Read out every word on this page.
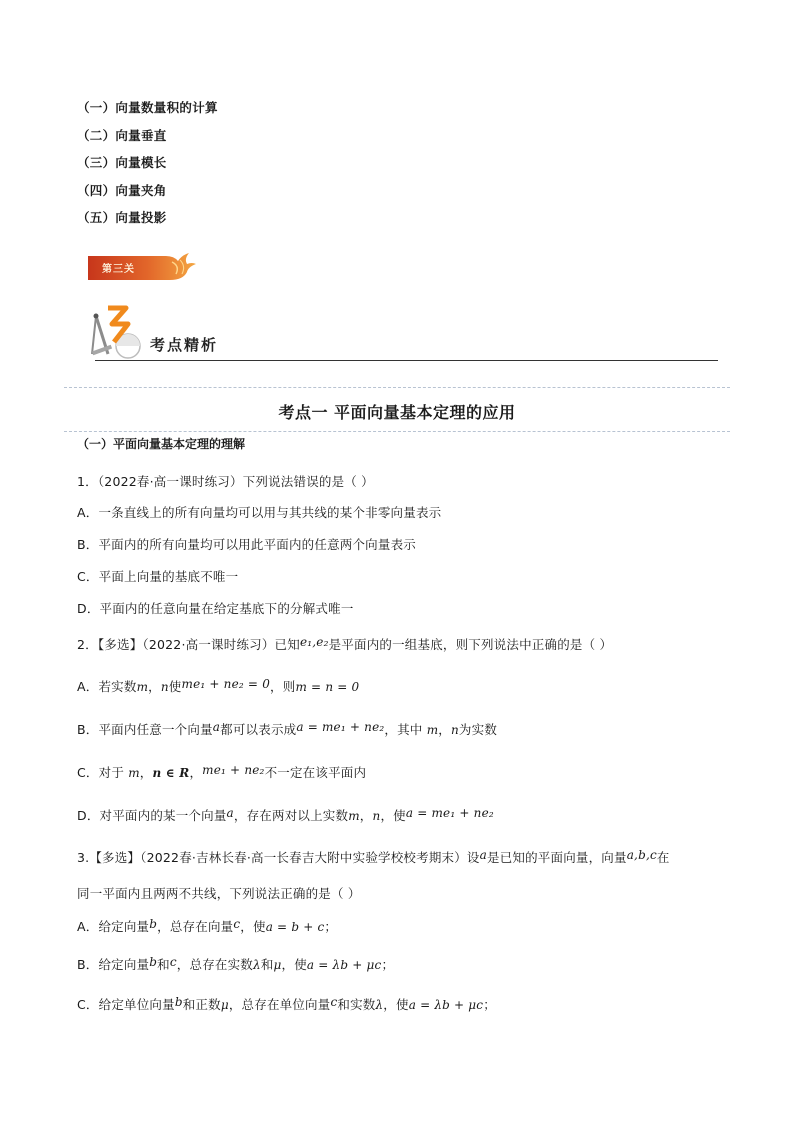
（一）向量数量积的计算
（二）向量垂直
（三）向量模长
（四）向量夹角
（五）向量投影
第三关
考点精析
考点一 平面向量基本定理的应用
（一）平面向量基本定理的理解
1．（2022春·高一课时练习）下列说法错误的是（ ）
A．一条直线上的所有向量均可以用与其共线的某个非零向量表示
B．平面内的所有向量均可以用此平面内的任意两个向量表示
C．平面上向量的基底不唯一
D．平面内的任意向量在给定基底下的分解式唯一
2．【多选】（2022·高一课时练习）已知e₁,e₂是平面内的一组基底，则下列说法中正确的是（ ）
A．若实数m，n使me₁ + ne₂ = 0，则m = n = 0
B．平面内任意一个向量a都可以表示成a = me₁ + ne₂，其中 m，n为实数
C．对于 m，n ∈ R，me₁ + ne₂不一定在该平面内
D．对平面内的某一个向量a，存在两对以上实数m，n，使a = me₁ + ne₂
3.【多选】（2022春·吉林长春·高一长春吉大附中实验学校校考期末）设a是已知的平面向量，向量a,b,c在
同一平面内且两两不共线，下列说法正确的是（ ）
A．给定向量b，总存在向量c，使a = b + c；
B．给定向量b和c，总存在实数λ和μ，使a = λb + μc；
C．给定单位向量b和正数μ，总存在单位向量c和实数λ，使a = λb + μc；
